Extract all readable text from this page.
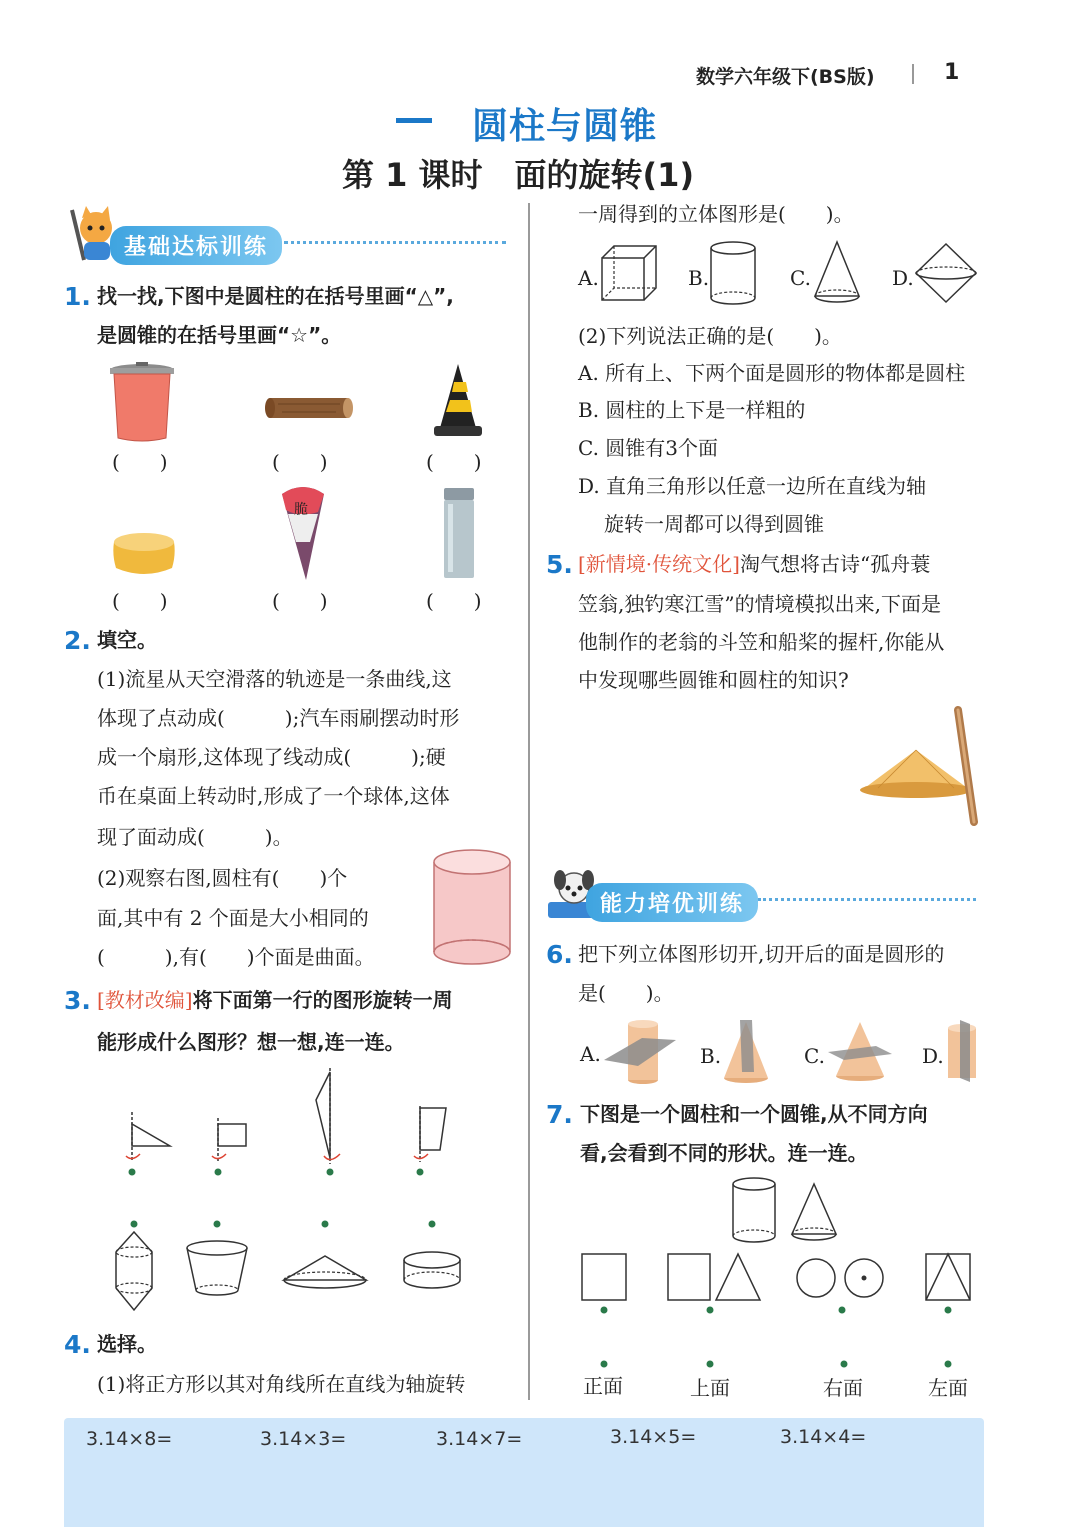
数学六年级下(BS版)	1
圆柱与圆锥
第 1 课时　面的旋转(1)
基础达标训练
1. 找一找,下图中是圆柱的在括号里画“△”,
是圆锥的在括号里画“☆”。
(　　)	(　　)	(　　)
脆
(　　)	(　　)	(　　)
2. 填空。
(1)流星从天空滑落的轨迹是一条曲线,这
体现了点动成(　　　);汽车雨刷摆动时形
成一个扇形,这体现了线动成(　　　);硬
币在桌面上转动时,形成了一个球体,这体
现了面动成(　　　)。
(2)观察右图,圆柱有(　　)个
面,其中有 2 个面是大小相同的
(　　　),有(　　)个面是曲面。
3. [教材改编]将下面第一行的图形旋转一周
能形成什么图形？想一想,连一连。
4. 选择。
(1)将正方形以其对角线所在直线为轴旋转
一周得到的立体图形是(　　)。
A.	B.	C.	D.
(2)下列说法正确的是(　　)。
A. 所有上、下两个面是圆形的物体都是圆柱
B. 圆柱的上下是一样粗的
C. 圆锥有3个面
D. 直角三角形以任意一边所在直线为轴
旋转一周都可以得到圆锥
5. [新情境·传统文化]淘气想将古诗“孤舟蓑
笠翁,独钓寒江雪”的情境模拟出来,下面是
他制作的老翁的斗笠和船桨的握杆,你能从
中发现哪些圆锥和圆柱的知识?
能力培优训练
6. 把下列立体图形切开,切开后的面是圆形的
是(　　)。
A.	B.	C.	D.
7. 下图是一个圆柱和一个圆锥,从不同方向
看,会看到不同的形状。连一连。
正面	上面	右面	左面
3.14×8=	3.14×3=	3.14×7=	3.14×5=	3.14×4=
